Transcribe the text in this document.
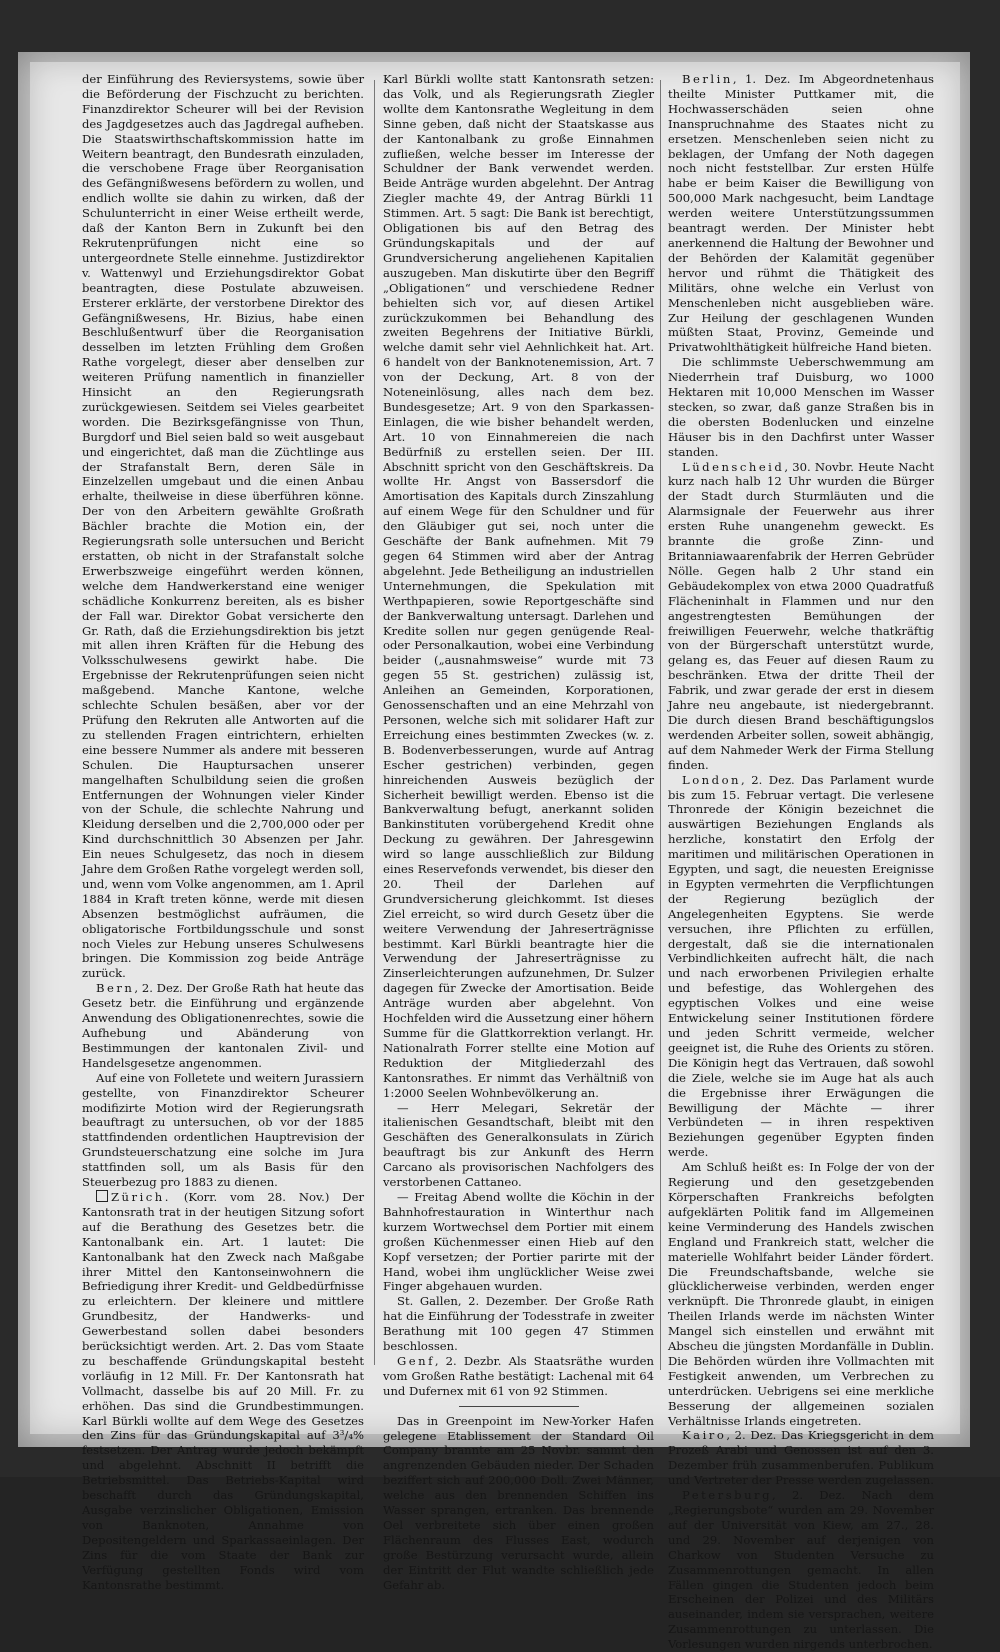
der Einführung des Reviersystems, sowie über die Beförderung der Fischzucht zu berichten. Finanzdirektor Scheurer will bei der Revision des Jagdgesetzes auch das Jagdregal aufheben. Die Staatswirthschaftskommission hatte im Weitern beantragt, den Bundesrath einzuladen, die verschobene Frage über Reorganisation des Gefängnißwesens befördern zu wollen, und endlich wollte sie dahin zu wirken, daß der Schulunterricht in einer Weise ertheilt werde, daß der Kanton Bern in Zukunft bei den Rekrutenprüfungen nicht eine so untergeordnete Stelle einnehme. Justizdirektor v. Wattenwyl und Erziehungsdirektor Gobat beantragten, diese Postulate abzuweisen. Ersterer erklärte, der verstorbene Direktor des Gefängnißwesens, Hr. Bizius, habe einen Beschlußentwurf über die Reorganisation desselben im letzten Frühling dem Großen Rathe vorgelegt, dieser aber denselben zur weiteren Prüfung namentlich in finanzieller Hinsicht an den Regierungsrath zurückgewiesen. Seitdem sei Vieles gearbeitet worden. Die Bezirksgefängnisse von Thun, Burgdorf und Biel seien bald so weit ausgebaut und eingerichtet, daß man die Züchtlinge aus der Strafanstalt Bern, deren Säle in Einzelzellen umgebaut und die einen Anbau erhalte, theilweise in diese überführen könne. Der von den Arbeitern gewählte Großrath Bächler brachte die Motion ein, der Regierungsrath solle untersuchen und Bericht erstatten, ob nicht in der Strafanstalt solche Erwerbszweige eingeführt werden können, welche dem Handwerkerstand eine weniger schädliche Konkurrenz bereiten, als es bisher der Fall war. Direktor Gobat versicherte den Gr. Rath, daß die Erziehungsdirektion bis jetzt mit allen ihren Kräften für die Hebung des Volksschulwesens gewirkt habe. Die Ergebnisse der Rekrutenprüfungen seien nicht maßgebend. Manche Kantone, welche schlechte Schulen besäßen, aber vor der Prüfung den Rekruten alle Antworten auf die zu stellenden Fragen eintrichtern, erhielten eine bessere Nummer als andere mit besseren Schulen. Die Hauptursachen unserer mangelhaften Schulbildung seien die großen Entfernungen der Wohnungen vieler Kinder von der Schule, die schlechte Nahrung und Kleidung derselben und die 2,700,000 oder per Kind durchschnittlich 30 Absenzen per Jahr. Ein neues Schulgesetz, das noch in diesem Jahre dem Großen Rathe vorgelegt werden soll, und, wenn vom Volke angenommen, am 1. April 1884 in Kraft treten könne, werde mit diesen Absenzen bestmöglichst aufräumen, die obligatorische Fortbildungsschule und sonst noch Vieles zur Hebung unseres Schulwesens bringen. Die Kommission zog beide Anträge zurück.

Bern, 2. Dez. Der Große Rath hat heute das Gesetz betr. die Einführung und ergänzende Anwendung des Obligationenrechtes, sowie die Aufhebung und Abänderung von Bestimmungen der kantonalen Zivil- und Handelsgesetze angenommen.

Auf eine von Folletete und weitern Jurassiern gestellte, von Finanzdirektor Scheurer modifizirte Motion wird der Regierungsrath beauftragt zu untersuchen, ob vor der 1885 stattfindenden ordentlichen Hauptrevision der Grundsteuerschatzung eine solche im Jura stattfinden soll, um als Basis für den Steuerbezug pro 1883 zu dienen.

Zürich. (Korr. vom 28. Nov.) Der Kantonsrath trat in der heutigen Sitzung sofort auf die Berathung des Gesetzes betr. die Kantonalbank ein. Art. 1 lautet: Die Kantonalbank hat den Zweck nach Maßgabe ihrer Mittel den Kantonseinwohnern die Befriedigung ihrer Kredit- und Geldbedürfnisse zu erleichtern. Der kleinere und mittlere Grundbesitz, der Handwerks- und Gewerbestand sollen dabei besonders berücksichtigt werden. Art. 2. Das vom Staate zu beschaffende Gründungskapital besteht vorläufig in 12 Mill. Fr. Der Kantonsrath hat Vollmacht, dasselbe bis auf 20 Mill. Fr. zu erhöhen. Das sind die Grundbestimmungen. Karl Bürkli wollte auf dem Wege des Gesetzes den Zins für das Gründungskapital auf 3³/₄% festsetzen. Der Antrag wurde jedoch bekämpft und abgelehnt. Abschnitt II betrifft die Betriebsmittel. Das Betriebs-Kapital wird beschafft durch das Gründungskapital, Ausgabe verzinslicher Obligationen, Emission von Banknoten, Annahme von Depositengeldern und Sparkassaeinlagen. Der Zins für die vom Staate der Bank zur Verfügung gestellten Fonds wird vom Kantonsrathe bestimmt.

Karl Bürkli wollte statt Kantonsrath setzen: das Volk, und als Regierungsrath Ziegler wollte dem Kantonsrathe Wegleitung in dem Sinne geben, daß nicht der Staatskasse aus der Kantonalbank zu große Einnahmen zufließen, welche besser im Interesse der Schuldner der Bank verwendet werden. Beide Anträge wurden abgelehnt. Der Antrag Ziegler machte 49, der Antrag Bürkli 11 Stimmen. Art. 5 sagt: Die Bank ist berechtigt, Obligationen bis auf den Betrag des Gründungskapitals und der auf Grundversicherung angeliehenen Kapitalien auszugeben. Man diskutirte über den Begriff „Obligationen“ und verschiedene Redner behielten sich vor, auf diesen Artikel zurückzukommen bei Behandlung des zweiten Begehrens der Initiative Bürkli, welche damit sehr viel Aehnlichkeit hat. Art. 6 handelt von der Banknotenemission, Art. 7 von der Deckung, Art. 8 von der Noteneinlösung, alles nach dem bez. Bundesgesetze; Art. 9 von den Sparkassen-Einlagen, die wie bisher behandelt werden, Art. 10 von Einnahmereien die nach Bedürfniß zu erstellen seien. Der III. Abschnitt spricht von den Geschäftskreis. Da wollte Hr. Angst von Bassersdorf die Amortisation des Kapitals durch Zinszahlung auf einem Wege für den Schuldner und für den Gläubiger gut sei, noch unter die Geschäfte der Bank aufnehmen. Mit 79 gegen 64 Stimmen wird aber der Antrag abgelehnt. Jede Betheiligung an industriellen Unternehmungen, die Spekulation mit Werthpapieren, sowie Reportgeschäfte sind der Bankverwaltung untersagt. Darlehen und Kredite sollen nur gegen genügende Real- oder Personalkaution, wobei eine Verbindung beider („ausnahmsweise“ wurde mit 73 gegen 55 St. gestrichen) zulässig ist, Anleihen an Gemeinden, Korporationen, Genossenschaften und an eine Mehrzahl von Personen, welche sich mit solidarer Haft zur Erreichung eines bestimmten Zweckes (w. z. B. Bodenverbesserungen, wurde auf Antrag Escher gestrichen) verbinden, gegen hinreichenden Ausweis bezüglich der Sicherheit bewilligt werden. Ebenso ist die Bankverwaltung befugt, anerkannt soliden Bankinstituten vorübergehend Kredit ohne Deckung zu gewähren. Der Jahresgewinn wird so lange ausschließlich zur Bildung eines Reservefonds verwendet, bis dieser den 20. Theil der Darlehen auf Grundversicherung gleichkommt. Ist dieses Ziel erreicht, so wird durch Gesetz über die weitere Verwendung der Jahreserträgnisse bestimmt. Karl Bürkli beantragte hier die Verwendung der Jahreserträgnisse zu Zinserleichterungen aufzunehmen, Dr. Sulzer dagegen für Zwecke der Amortisation. Beide Anträge wurden aber abgelehnt. Von Hochfelden wird die Aussetzung einer höhern Summe für die Glattkorrektion verlangt. Hr. Nationalrath Forrer stellte eine Motion auf Reduktion der Mitgliederzahl des Kantonsrathes. Er nimmt das Verhältniß von 1:2000 Seelen Wohnbevölkerung an.

— Herr Melegari, Sekretär der italienischen Gesandtschaft, bleibt mit den Geschäften des Generalkonsulats in Zürich beauftragt bis zur Ankunft des Herrn Carcano als provisorischen Nachfolgers des verstorbenen Cattaneo.

— Freitag Abend wollte die Köchin in der Bahnhofrestauration in Winterthur nach kurzem Wortwechsel dem Portier mit einem großen Küchenmesser einen Hieb auf den Kopf versetzen; der Portier parirte mit der Hand, wobei ihm unglücklicher Weise zwei Finger abgehauen wurden.

St. Gallen, 2. Dezember. Der Große Rath hat die Einführung der Todesstrafe in zweiter Berathung mit 100 gegen 47 Stimmen beschlossen.

Genf, 2. Dezbr. Als Staatsräthe wurden vom Großen Rathe bestätigt: Lachenal mit 64 und Dufernex mit 61 von 92 Stimmen.

Das in Greenpoint im New-Yorker Hafen gelegene Etablissement der Standard Oil Company brannte am 25 Novbr. sammt den angrenzenden Gebäuden nieder. Der Schaden beziffert sich auf 200,000 Doll. Zwei Männer, welche aus den brennenden Schiffen ins Wasser sprangen, ertranken. Das brennende Oel verbreitete sich über einen großen Flächenraum des Flusses East, wodurch große Bestürzung verursacht wurde, allein der Eintritt der Flut wandte schließlich jede Gefahr ab.

Berlin, 1. Dez. Im Abgeordnetenhaus theilte Minister Puttkamer mit, die Hochwasserschäden seien ohne Inanspruchnahme des Staates nicht zu ersetzen. Menschenleben seien nicht zu beklagen, der Umfang der Noth dagegen noch nicht feststellbar. Zur ersten Hülfe habe er beim Kaiser die Bewilligung von 500,000 Mark nachgesucht, beim Landtage werden weitere Unterstützungssummen beantragt werden. Der Minister hebt anerkennend die Haltung der Bewohner und der Behörden der Kalamität gegenüber hervor und rühmt die Thätigkeit des Militärs, ohne welche ein Verlust von Menschenleben nicht ausgeblieben wäre. Zur Heilung der geschlagenen Wunden müßten Staat, Provinz, Gemeinde und Privatwohlthätigkeit hülfreiche Hand bieten.

Die schlimmste Ueberschwemmung am Niederrhein traf Duisburg, wo 1000 Hektaren mit 10,000 Menschen im Wasser stecken, so zwar, daß ganze Straßen bis in die obersten Bodenlucken und einzelne Häuser bis in den Dachfirst unter Wasser standen.

Lüdenscheid, 30. Novbr. Heute Nacht kurz nach halb 12 Uhr wurden die Bürger der Stadt durch Sturmläuten und die Alarmsignale der Feuerwehr aus ihrer ersten Ruhe unangenehm geweckt. Es brannte die große Zinn- und Britanniawaarenfabrik der Herren Gebrüder Nölle. Gegen halb 2 Uhr stand ein Gebäudekomplex von etwa 2000 Quadratfuß Flächeninhalt in Flammen und nur den angestrengtesten Bemühungen der freiwilligen Feuerwehr, welche thatkräftig von der Bürgerschaft unterstützt wurde, gelang es, das Feuer auf diesen Raum zu beschränken. Etwa der dritte Theil der Fabrik, und zwar gerade der erst in diesem Jahre neu angebaute, ist niedergebrannt. Die durch diesen Brand beschäftigungslos werdenden Arbeiter sollen, soweit abhängig, auf dem Nahmeder Werk der Firma Stellung finden.

London, 2. Dez. Das Parlament wurde bis zum 15. Februar vertagt. Die verlesene Thronrede der Königin bezeichnet die auswärtigen Beziehungen Englands als herzliche, konstatirt den Erfolg der maritimen und militärischen Operationen in Egypten, und sagt, die neuesten Ereignisse in Egypten vermehrten die Verpflichtungen der Regierung bezüglich der Angelegenheiten Egyptens. Sie werde versuchen, ihre Pflichten zu erfüllen, dergestalt, daß sie die internationalen Verbindlichkeiten aufrecht hält, die nach und nach erworbenen Privilegien erhalte und befestige, das Wohlergehen des egyptischen Volkes und eine weise Entwickelung seiner Institutionen fördere und jeden Schritt vermeide, welcher geeignet ist, die Ruhe des Orients zu stören. Die Königin hegt das Vertrauen, daß sowohl die Ziele, welche sie im Auge hat als auch die Ergebnisse ihrer Erwägungen die Bewilligung der Mächte — ihrer Verbündeten — in ihren respektiven Beziehungen gegenüber Egypten finden werde.

Am Schluß heißt es: In Folge der von der Regierung und den gesetzgebenden Körperschaften Frankreichs befolgten aufgeklärten Politik fand im Allgemeinen keine Verminderung des Handels zwischen England und Frankreich statt, welcher die materielle Wohlfahrt beider Länder fördert. Die Freundschaftsbande, welche sie glücklicherweise verbinden, werden enger verknüpft. Die Thronrede glaubt, in einigen Theilen Irlands werde im nächsten Winter Mangel sich einstellen und erwähnt mit Abscheu die jüngsten Mordanfälle in Dublin. Die Behörden würden ihre Vollmachten mit Festigkeit anwenden, um Verbrechen zu unterdrücken. Uebrigens sei eine merkliche Besserung der allgemeinen sozialen Verhältnisse Irlands eingetreten.

Kairo, 2. Dez. Das Kriegsgericht in dem Prozeß Arabi und Genossen ist auf den 3. Dezember früh zusammenberufen. Publikum und Vertreter der Presse werden zugelassen.

Petersburg, 2. Dez. Nach dem „Regierungsbote“ wurden am 29. November auf der Universität von Kiew, am 27., 28. und 29. November auf derjenigen von Charkow von Studenten Versuche zu Zusammenrottungen gemacht. In allen Fällen gingen die Studenten jedoch beim Erscheinen der Polizei und des Militärs auseinander, indem sie versprachen, weitere Zusammenrottungen zu unterlassen. Die Vorlesungen wurden nirgends unterbrochen.
